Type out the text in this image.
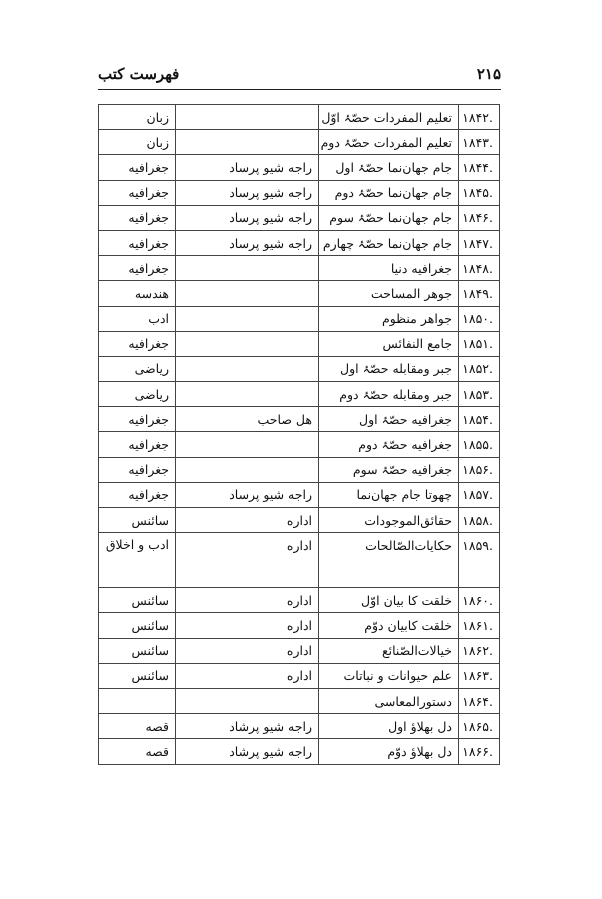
۲۱۵
فهرست کتب
.۱۸۴۲	تعلیم المفردات حصّۂ اوّل		زبان
.۱۸۴۳	تعلیم المفردات حصّۂ دوم		زبان
.۱۸۴۴	جام جهان‌نما حصّۂ اول	راجه شیو پرساد	جغرافیه
.۱۸۴۵	جام جهان‌نما حصّۂ دوم	راجه شیو پرساد	جغرافیه
.۱۸۴۶	جام جهان‌نما حصّۂ سوم	راجه شیو پرساد	جغرافیه
.۱۸۴۷	جام جهان‌نما حصّۂ چهارم	راجه شیو پرساد	جغرافیه
.۱۸۴۸	جغرافیه دنیا		جغرافیه
.۱۸۴۹	جوهر المساحت		هندسه
.۱۸۵۰	جواهر منظوم		ادب
.۱۸۵۱	جامع النفائس		جغرافیه
.۱۸۵۲	جبر ومقابله حصّۂ اول		ریاضی
.۱۸۵۳	جبر ومقابله حصّۂ دوم		ریاضی
.۱۸۵۴	جغرافیه حصّۂ اول	هل صاحب	جغرافیه
.۱۸۵۵	جغرافیه حصّۂ دوم		جغرافیه
.۱۸۵۶	جغرافیه حصّۂ سوم		جغرافیه
.۱۸۵۷	چهوتا جام جهان‌نما	راجه شیو پرساد	جغرافیه
.۱۸۵۸	حقائق‌الموجودات	اداره	سائنس
.۱۸۵۹	حکایات‌الصّالحات	اداره	ادب و اخلاق
.۱۸۶۰	خلقت کا بیان اوّل	اداره	سائنس
.۱۸۶۱	خلقت کابیان دوّم	اداره	سائنس
.۱۸۶۲	خیالات‌الصّنائع	اداره	سائنس
.۱۸۶۳	علم حیوانات و نباتات	اداره	سائنس
.۱۸۶۴	دستورالمعاسی		
.۱۸۶۵	دل بهلاؤ اول	راجه شیو پرشاد	قصه
.۱۸۶۶	دل بهلاؤ دوّم	راجه شیو پرشاد	قصه
